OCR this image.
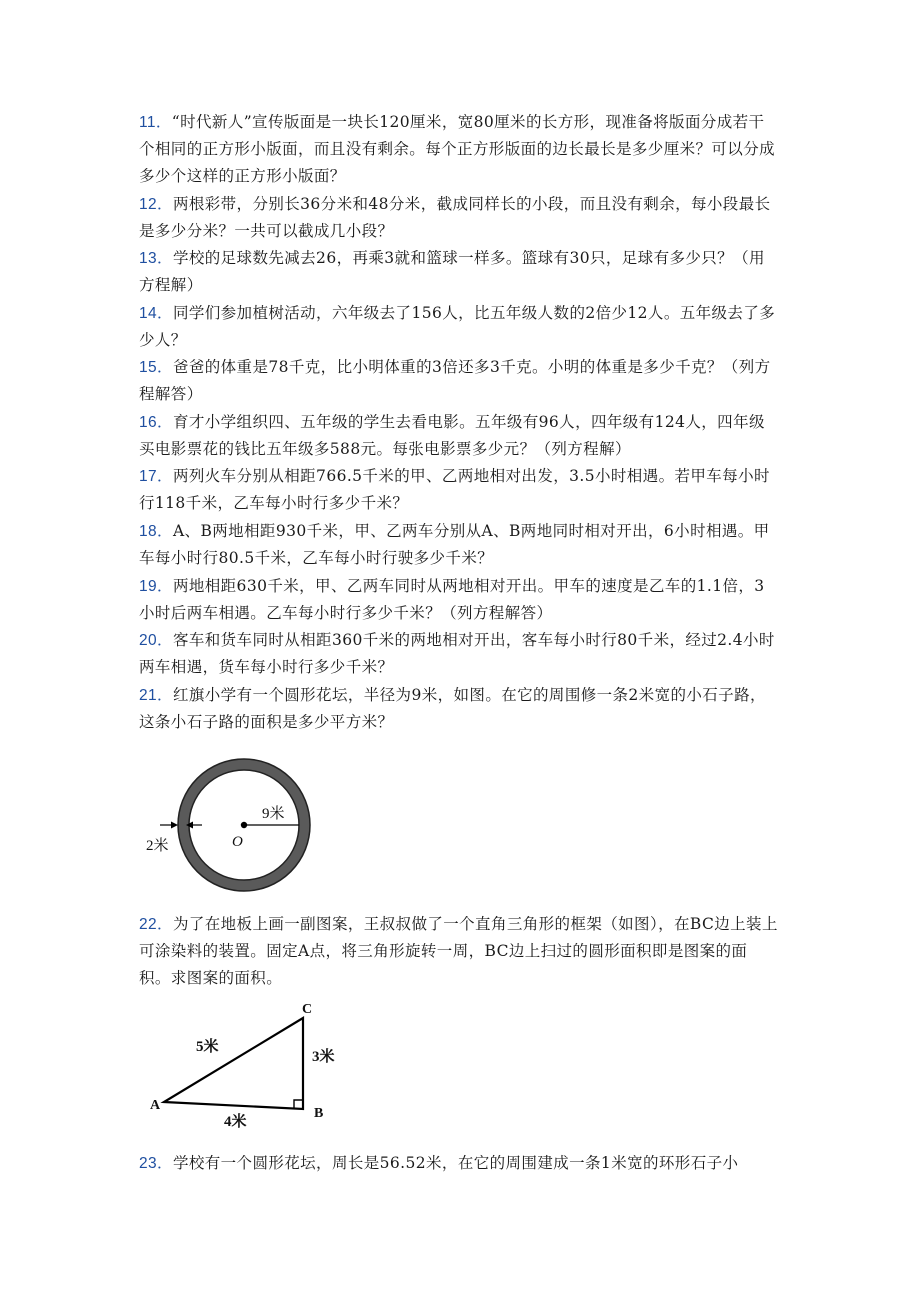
11．“时代新人”宣传版面是一块长120厘米，宽80厘米的长方形，现准备将版面分成若干个相同的正方形小版面，而且没有剩余。每个正方形版面的边长最长是多少厘米？可以分成多少个这样的正方形小版面？
12．两根彩带，分别长36分米和48分米，截成同样长的小段，而且没有剩余，每小段最长是多少分米？一共可以截成几小段？
13．学校的足球数先减去26，再乘3就和篮球一样多。篮球有30只，足球有多少只？（用方程解）
14．同学们参加植树活动，六年级去了156人，比五年级人数的2倍少12人。五年级去了多少人？
15．爸爸的体重是78千克，比小明体重的3倍还多3千克。小明的体重是多少千克？（列方程解答）
16．育才小学组织四、五年级的学生去看电影。五年级有96人，四年级有124人，四年级买电影票花的钱比五年级多588元。每张电影票多少元？（列方程解）
17．两列火车分别从相距766.5千米的甲、乙两地相对出发，3.5小时相遇。若甲车每小时行118千米，乙车每小时行多少千米？
18．A、B两地相距930千米，甲、乙两车分别从A、B两地同时相对开出，6小时相遇。甲车每小时行80.5千米，乙车每小时行驶多少千米？
19．两地相距630千米，甲、乙两车同时从两地相对开出。甲车的速度是乙车的1.1倍，3小时后两车相遇。乙车每小时行多少千米？（列方程解答）
20．客车和货车同时从相距360千米的两地相对开出，客车每小时行80千米，经过2.4小时两车相遇，货车每小时行多少千米？
21．红旗小学有一个圆形花坛，半径为9米，如图。在它的周围修一条2米宽的小石子路，这条小石子路的面积是多少平方米？
9米
O
2米
22．为了在地板上画一副图案，王叔叔做了一个直角三角形的框架（如图），在BC边上装上可涂染料的装置。固定A点，将三角形旋转一周，BC边上扫过的圆形面积即是图案的面积。求图案的面积。
A
B
C
5米
3米
4米
23．学校有一个圆形花坛，周长是56.52米，在它的周围建成一条1米宽的环形石子小
